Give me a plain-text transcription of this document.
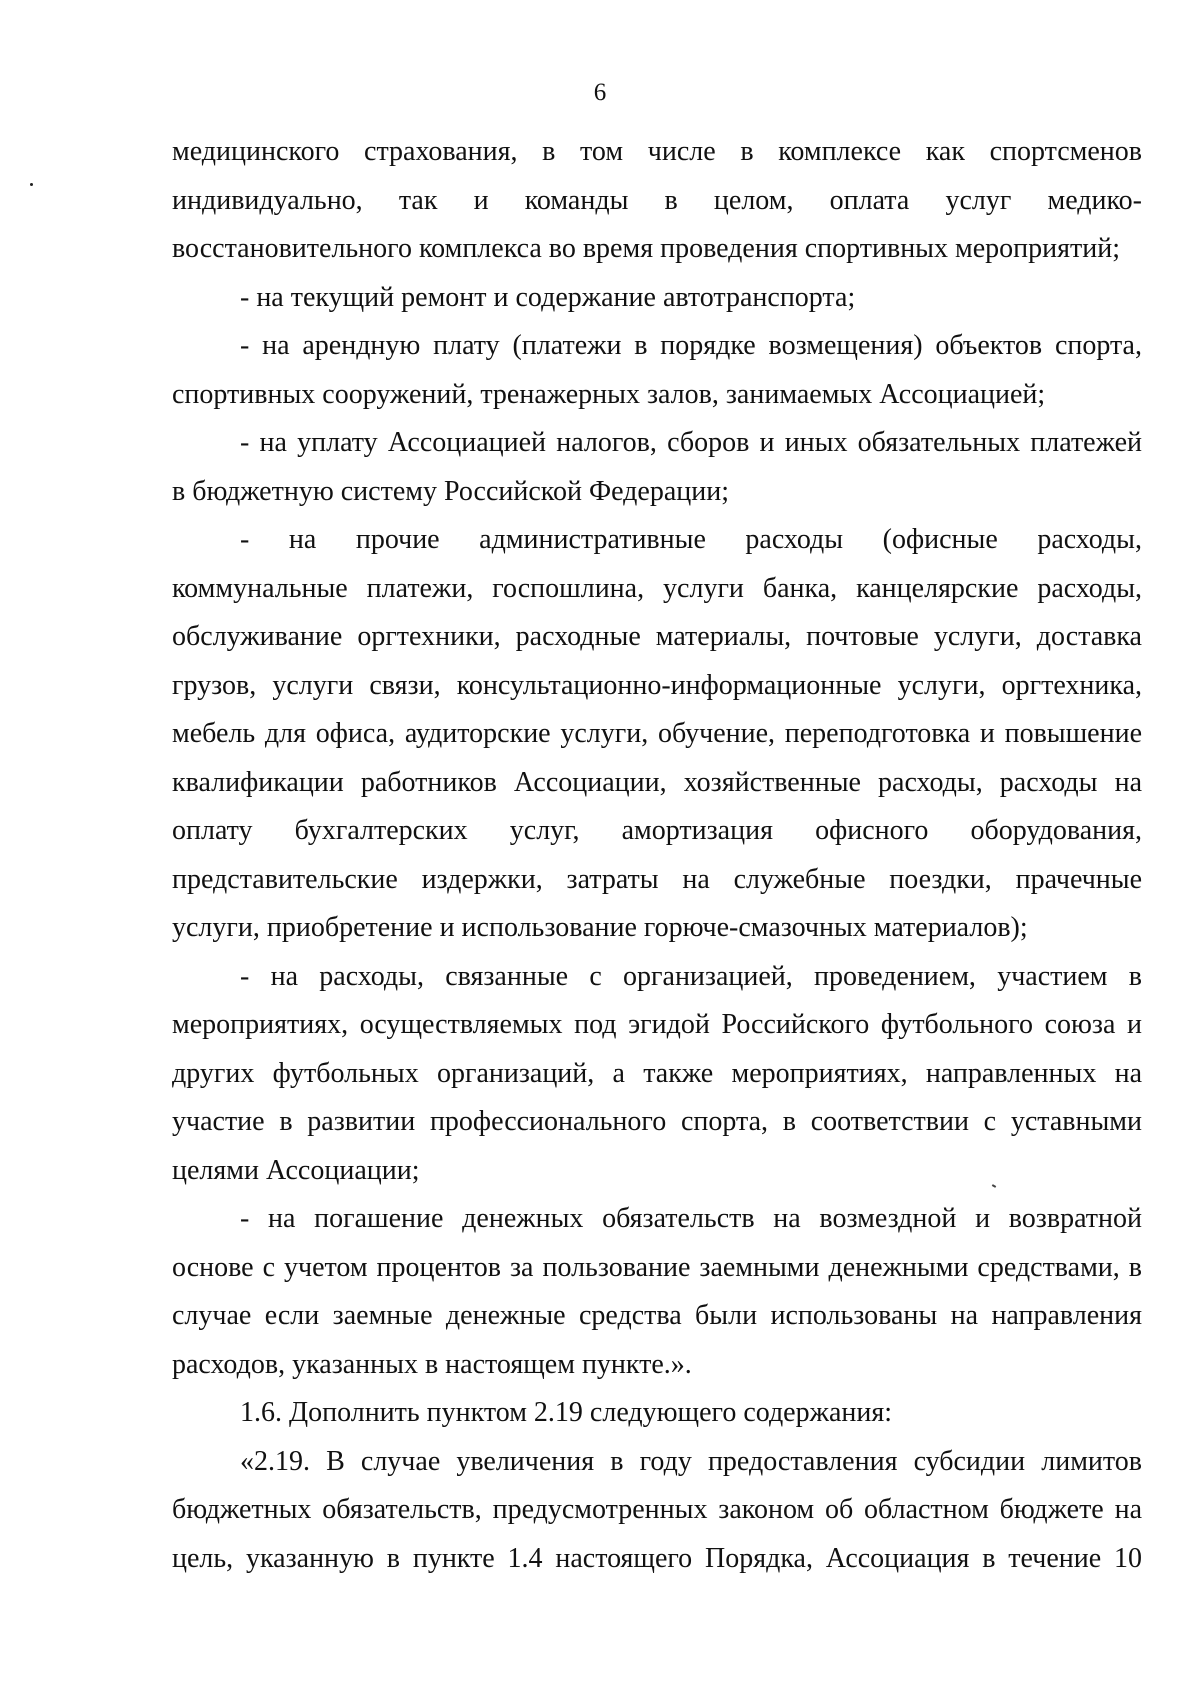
6
медицинского страхования, в том числе в комплексе как спортсменов
индивидуально, так и команды в целом, оплата услуг медико-
восстановительного комплекса во время проведения спортивных мероприятий;
- на текущий ремонт и содержание автотранспорта;
- на арендную плату (платежи в порядке возмещения) объектов спорта,
спортивных сооружений, тренажерных залов, занимаемых Ассоциацией;
- на уплату Ассоциацией налогов, сборов и иных обязательных платежей
в бюджетную систему Российской Федерации;
- на прочие административные расходы (офисные расходы,
коммунальные платежи, госпошлина, услуги банка, канцелярские расходы,
обслуживание оргтехники, расходные материалы, почтовые услуги, доставка
грузов, услуги связи, консультационно-информационные услуги, оргтехника,
мебель для офиса, аудиторские услуги, обучение, переподготовка и повышение
квалификации работников Ассоциации, хозяйственные расходы, расходы на
оплату бухгалтерских услуг, амортизация офисного оборудования,
представительские издержки, затраты на служебные поездки, прачечные
услуги, приобретение и использование горюче-смазочных материалов);
- на расходы, связанные с организацией, проведением, участием в
мероприятиях, осуществляемых под эгидой Российского футбольного союза и
других футбольных организаций, а также мероприятиях, направленных на
участие в развитии профессионального спорта, в соответствии с уставными
целями Ассоциации;
- на погашение денежных обязательств на возмездной и возвратной
основе с учетом процентов за пользование заемными денежными средствами, в
случае если заемные денежные средства были использованы на направления
расходов, указанных в настоящем пункте.».
1.6. Дополнить пунктом 2.19 следующего содержания:
«2.19. В случае увеличения в году предоставления субсидии лимитов
бюджетных обязательств, предусмотренных законом об областном бюджете на
цель, указанную в пункте 1.4 настоящего Порядка, Ассоциация в течение 10
